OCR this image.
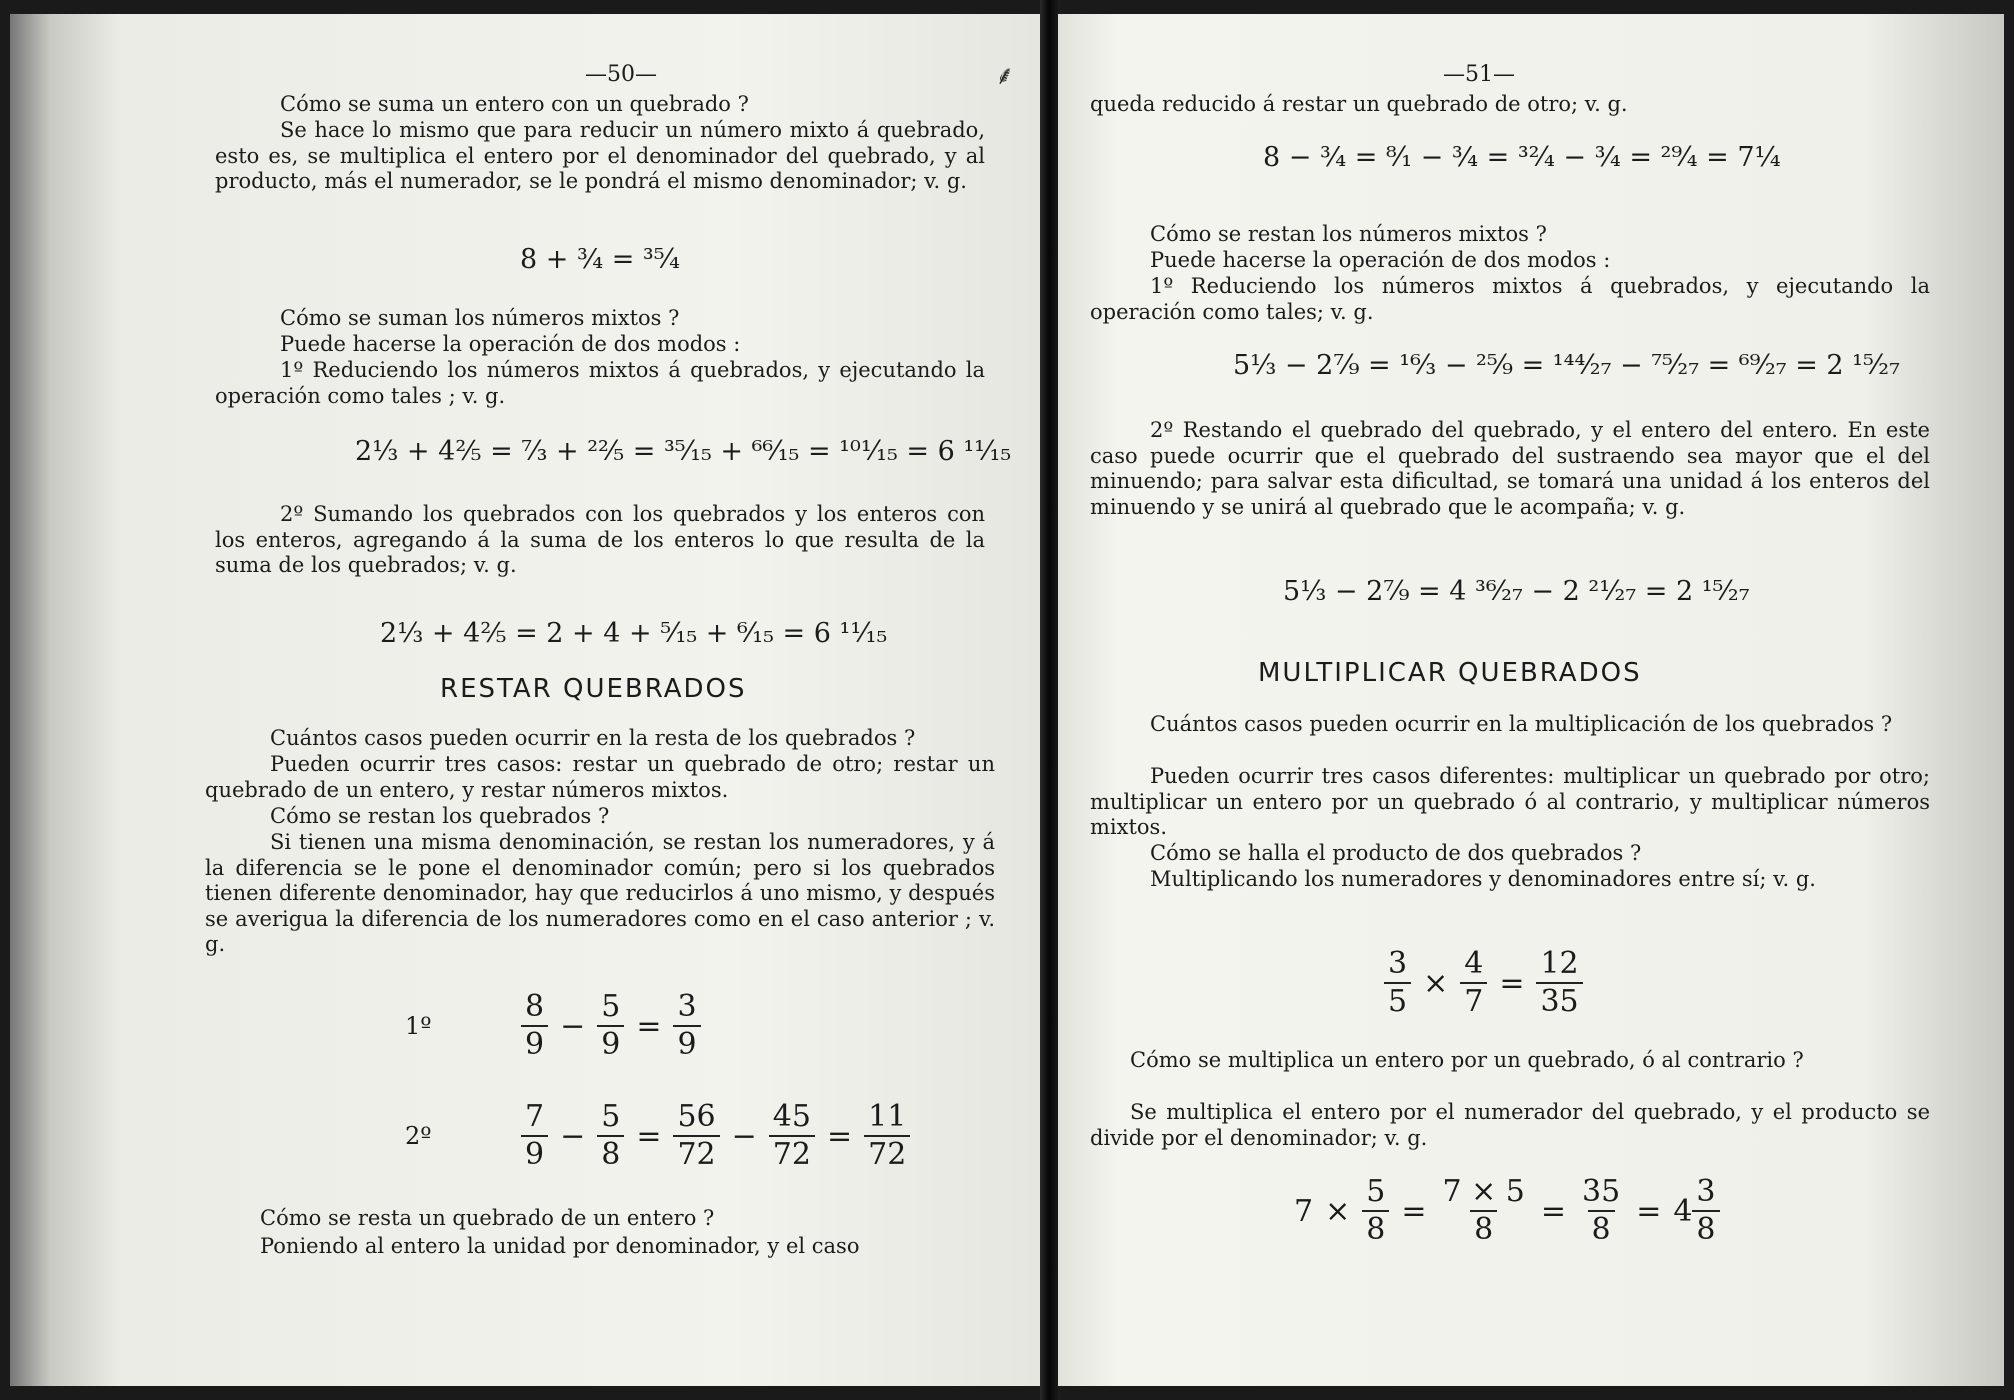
—50—	⸙
Cómo se suma un entero con un quebrado ?
Se hace lo mismo que para reducir un número mixto á quebrado, esto es, se multiplica el entero por el denominador del quebrado, y al producto, más el numerador, se le pondrá el mismo denominador; v. g.
8 + ¾ = ³⁵⁄₄
Cómo se suman los números mixtos ?
Puede hacerse la operación de dos modos :
1º Reduciendo los números mixtos á quebrados, y ejecutando la operación como tales ; v. g.
2⅓ + 4⅖ = ⁷⁄₃ + ²²⁄₅ = ³⁵⁄₁₅ + ⁶⁶⁄₁₅ = ¹⁰¹⁄₁₅ = 6 ¹¹⁄₁₅
2º Sumando los quebrados con los quebrados y los enteros con los enteros, agregando á la suma de los enteros lo que resulta de la suma de los quebrados; v. g.
2⅓ + 4⅖ = 2 + 4 + ⁵⁄₁₅ + ⁶⁄₁₅ = 6 ¹¹⁄₁₅
RESTAR QUEBRADOS
Cuántos casos pueden ocurrir en la resta de los quebrados ?
Pueden ocurrir tres casos: restar un quebrado de otro; restar un quebrado de un entero, y restar números mixtos.
Cómo se restan los quebrados ?
Si tienen una misma denominación, se restan los numeradores, y á la diferencia se le pone el denominador común; pero si los quebrados tienen diferente denominador, hay que reducirlos á uno mismo, y después se averigua la diferencia de los numeradores como en el caso anterior ; v. g.
1º	$\frac{8}{9} - \frac{5}{9} = \frac{3}{9}$
2º	$\frac{7}{9} - \frac{5}{8} = \frac{56}{72} - \frac{45}{72} = \frac{11}{72}$
Cómo se resta un quebrado de un entero ?
Poniendo al entero la unidad por denominador, y el caso
—51—
queda reducido á restar un quebrado de otro; v. g.
8 − ¾ = ⁸⁄₁ − ¾ = ³²⁄₄ − ¾ = ²⁹⁄₄ = 7¼
Cómo se restan los números mixtos ?
Puede hacerse la operación de dos modos :
1º Reduciendo los números mixtos á quebrados, y ejecutando la operación como tales; v. g.
5⅓ − 2⁷⁄₉ = ¹⁶⁄₃ − ²⁵⁄₉ = ¹⁴⁴⁄₂₇ − ⁷⁵⁄₂₇ = ⁶⁹⁄₂₇ = 2 ¹⁵⁄₂₇
2º Restando el quebrado del quebrado, y el entero del entero. En este caso puede ocurrir que el quebrado del sustraendo sea mayor que el del minuendo; para salvar esta dificultad, se tomará una unidad á los enteros del minuendo y se unirá al quebrado que le acompaña; v. g.
5⅓ − 2⁷⁄₉ = 4 ³⁶⁄₂₇ − 2 ²¹⁄₂₇ = 2 ¹⁵⁄₂₇
MULTIPLICAR QUEBRADOS
Cuántos casos pueden ocurrir en la multiplicación de los quebrados ?
Pueden ocurrir tres casos diferentes: multiplicar un quebrado por otro; multiplicar un entero por un quebrado ó al contrario, y multiplicar números mixtos.
Cómo se halla el producto de dos quebrados ?
Multiplicando los numeradores y denominadores entre sí; v. g.
$\frac{3}{5} \times \frac{4}{7} = \frac{12}{35}$
Cómo se multiplica un entero por un quebrado, ó al contrario ?
Se multiplica el entero por el numerador del quebrado, y el producto se divide por el denominador; v. g.
$7 \times \frac{5}{8} = \frac{7 \times 5}{8} = \frac{35}{8} = 4 \frac{3}{8}$
